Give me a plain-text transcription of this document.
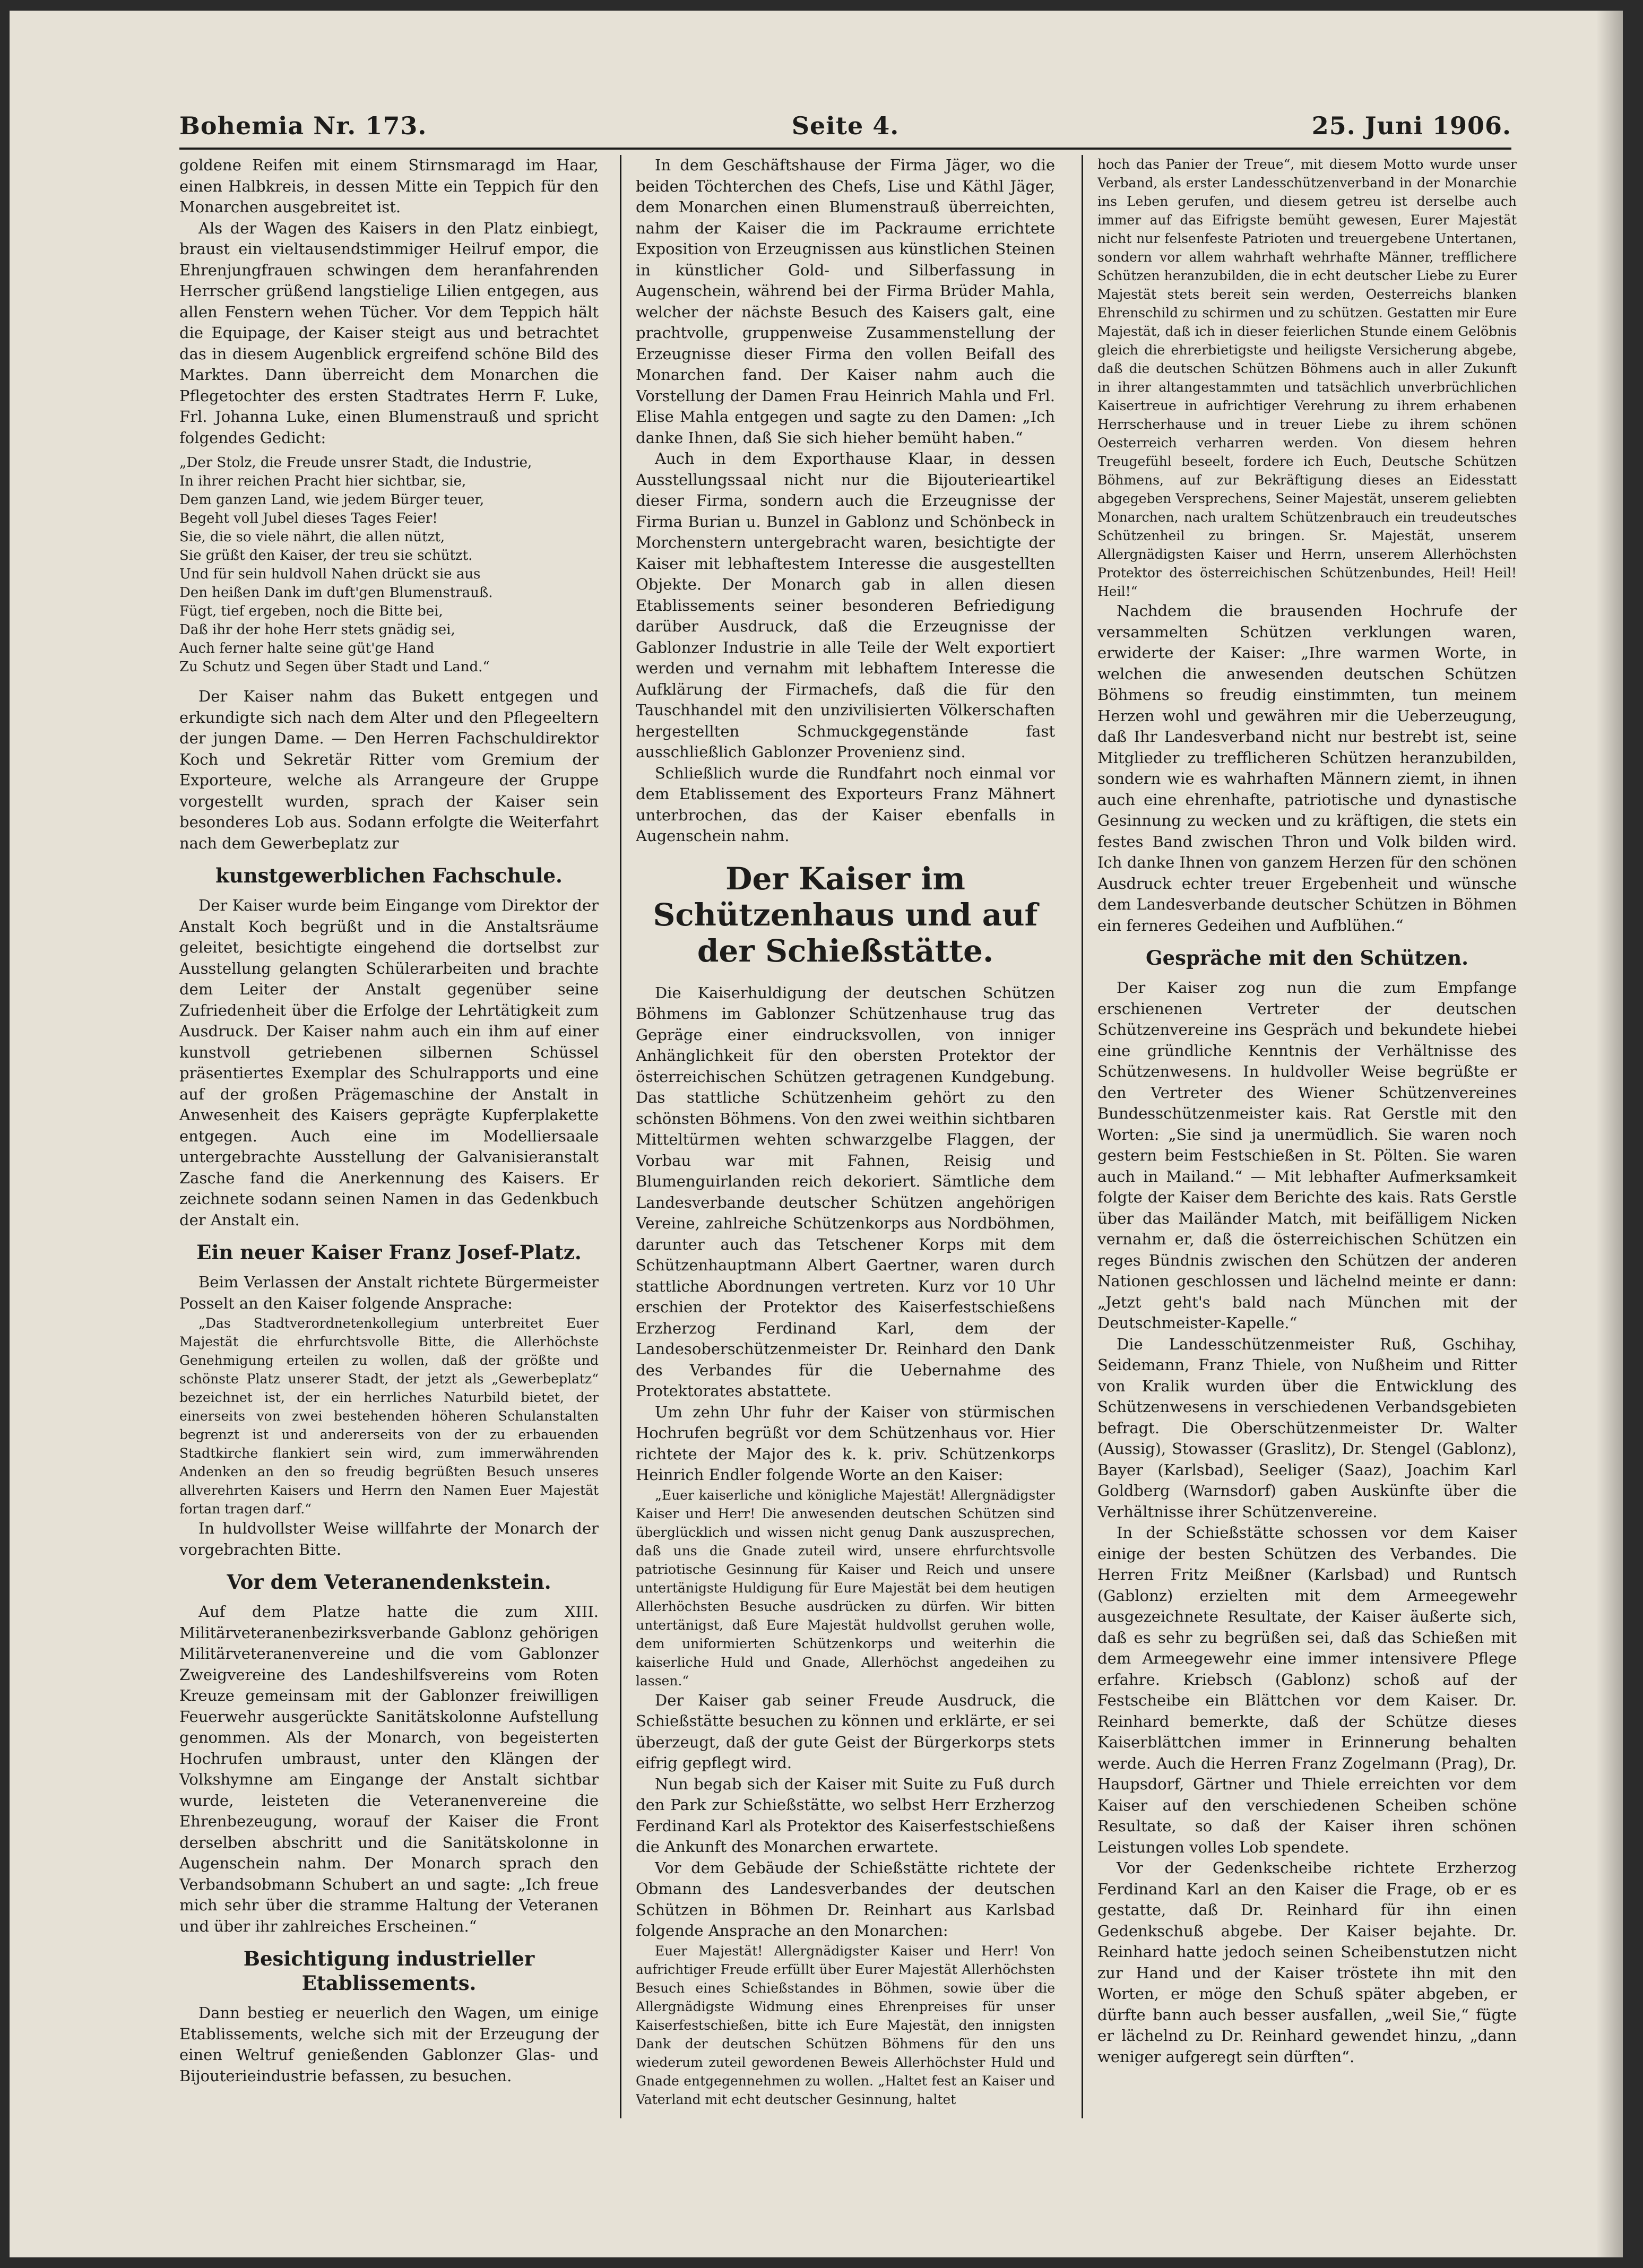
Bohemia Nr. 173.	Seite 4.	25. Juni 1906.

goldene Reifen mit einem Stirnsmaragd im Haar, einen Halbkreis, in dessen Mitte ein Teppich für den Monarchen ausgebreitet ist.

Als der Wagen des Kaisers in den Platz einbiegt, braust ein vieltausendstimmiger Heilruf empor, die Ehrenjungfrauen schwingen dem heranfahrenden Herrscher grüßend langstielige Lilien entgegen, aus allen Fenstern wehen Tücher. Vor dem Teppich hält die Equipage, der Kaiser steigt aus und betrachtet das in diesem Augenblick ergreifend schöne Bild des Marktes. Dann überreicht dem Monarchen die Pflegetochter des ersten Stadtrates Herrn F. Luke, Frl. Johanna Luke, einen Blumenstrauß und spricht folgendes Gedicht:

„Der Stolz, die Freude unsrer Stadt, die Industrie,
In ihrer reichen Pracht hier sichtbar, sie,
Dem ganzen Land, wie jedem Bürger teuer,
Begeht voll Jubel dieses Tages Feier!
Sie, die so viele nährt, die allen nützt,
Sie grüßt den Kaiser, der treu sie schützt.
Und für sein huldvoll Nahen drückt sie aus
Den heißen Dank im duft'gen Blumenstrauß.
Fügt, tief ergeben, noch die Bitte bei,
Daß ihr der hohe Herr stets gnädig sei,
Auch ferner halte seine güt'ge Hand
Zu Schutz und Segen über Stadt und Land.“

Der Kaiser nahm das Bukett entgegen und erkundigte sich nach dem Alter und den Pflegeeltern der jungen Dame. — Den Herren Fachschuldirektor Koch und Sekretär Ritter vom Gremium der Exporteure, welche als Arrangeure der Gruppe vorgestellt wurden, sprach der Kaiser sein besonderes Lob aus. Sodann erfolgte die Weiterfahrt nach dem Gewerbeplatz zur

kunstgewerblichen Fachschule.

Der Kaiser wurde beim Eingange vom Direktor der Anstalt Koch begrüßt und in die Anstaltsräume geleitet, besichtigte eingehend die dortselbst zur Ausstellung gelangten Schülerarbeiten und brachte dem Leiter der Anstalt gegenüber seine Zufriedenheit über die Erfolge der Lehrtätigkeit zum Ausdruck. Der Kaiser nahm auch ein ihm auf einer kunstvoll getriebenen silbernen Schüssel präsentiertes Exemplar des Schulrapports und eine auf der großen Prägemaschine der Anstalt in Anwesenheit des Kaisers geprägte Kupferplakette entgegen. Auch eine im Modelliersaale untergebrachte Ausstellung der Galvanisieranstalt Zasche fand die Anerkennung des Kaisers. Er zeichnete sodann seinen Namen in das Gedenkbuch der Anstalt ein.

Ein neuer Kaiser Franz Josef-Platz.

Beim Verlassen der Anstalt richtete Bürgermeister Posselt an den Kaiser folgende Ansprache:

„Das Stadtverordnetenkollegium unterbreitet Euer Majestät die ehrfurchtsvolle Bitte, die Allerhöchste Genehmigung erteilen zu wollen, daß der größte und schönste Platz unserer Stadt, der jetzt als „Gewerbeplatz“ bezeichnet ist, der ein herrliches Naturbild bietet, der einerseits von zwei bestehenden höheren Schulanstalten begrenzt ist und andererseits von der zu erbauenden Stadtkirche flankiert sein wird, zum immerwährenden Andenken an den so freudig begrüßten Besuch unseres allverehrten Kaisers und Herrn den Namen Euer Majestät fortan tragen darf.“

In huldvollster Weise willfahrte der Monarch der vorgebrachten Bitte.

Vor dem Veteranendenkstein.

Auf dem Platze hatte die zum XIII. Militärveteranenbezirksverbande Gablonz gehörigen Militärveteranenvereine und die vom Gablonzer Zweigvereine des Landeshilfsvereins vom Roten Kreuze gemeinsam mit der Gablonzer freiwilligen Feuerwehr ausgerückte Sanitätskolonne Aufstellung genommen. Als der Monarch, von begeisterten Hochrufen umbraust, unter den Klängen der Volkshymne am Eingange der Anstalt sichtbar wurde, leisteten die Veteranenvereine die Ehrenbezeugung, worauf der Kaiser die Front derselben abschritt und die Sanitätskolonne in Augenschein nahm. Der Monarch sprach den Verbandsobmann Schubert an und sagte: „Ich freue mich sehr über die stramme Haltung der Veteranen und über ihr zahlreiches Erscheinen.“

Besichtigung industrieller Etablissements.

Dann bestieg er neuerlich den Wagen, um einige Etablissements, welche sich mit der Erzeugung der einen Weltruf genießenden Gablonzer Glas- und Bijouterieindustrie befassen, zu besuchen.

In dem Geschäftshause der Firma Jäger, wo die beiden Töchterchen des Chefs, Lise und Käthl Jäger, dem Monarchen einen Blumenstrauß überreichten, nahm der Kaiser die im Packraume errichtete Exposition von Erzeugnissen aus künstlichen Steinen in künstlicher Gold- und Silberfassung in Augenschein, während bei der Firma Brüder Mahla, welcher der nächste Besuch des Kaisers galt, eine prachtvolle, gruppenweise Zusammenstellung der Erzeugnisse dieser Firma den vollen Beifall des Monarchen fand. Der Kaiser nahm auch die Vorstellung der Damen Frau Heinrich Mahla und Frl. Elise Mahla entgegen und sagte zu den Damen: „Ich danke Ihnen, daß Sie sich hieher bemüht haben.“

Auch in dem Exporthause Klaar, in dessen Ausstellungssaal nicht nur die Bijouterieartikel dieser Firma, sondern auch die Erzeugnisse der Firma Burian u. Bunzel in Gablonz und Schönbeck in Morchenstern untergebracht waren, besichtigte der Kaiser mit lebhaftestem Interesse die ausgestellten Objekte. Der Monarch gab in allen diesen Etablissements seiner besonderen Befriedigung darüber Ausdruck, daß die Erzeugnisse der Gablonzer Industrie in alle Teile der Welt exportiert werden und vernahm mit lebhaftem Interesse die Aufklärung der Firmachefs, daß die für den Tauschhandel mit den unzivilisierten Völkerschaften hergestellten Schmuckgegenstände fast ausschließlich Gablonzer Provenienz sind.

Schließlich wurde die Rundfahrt noch einmal vor dem Etablissement des Exporteurs Franz Mähnert unterbrochen, das der Kaiser ebenfalls in Augenschein nahm.

Der Kaiser im Schützenhaus und auf der Schießstätte.

Die Kaiserhuldigung der deutschen Schützen Böhmens im Gablonzer Schützenhause trug das Gepräge einer eindrucksvollen, von inniger Anhänglichkeit für den obersten Protektor der österreichischen Schützen getragenen Kundgebung. Das stattliche Schützenheim gehört zu den schönsten Böhmens. Von den zwei weithin sichtbaren Mitteltürmen wehten schwarzgelbe Flaggen, der Vorbau war mit Fahnen, Reisig und Blumenguirlanden reich dekoriert. Sämtliche dem Landesverbande deutscher Schützen angehörigen Vereine, zahlreiche Schützenkorps aus Nordböhmen, darunter auch das Tetschener Korps mit dem Schützenhauptmann Albert Gaertner, waren durch stattliche Abordnungen vertreten. Kurz vor 10 Uhr erschien der Protektor des Kaiserfestschießens Erzherzog Ferdinand Karl, dem der Landesoberschützenmeister Dr. Reinhard den Dank des Verbandes für die Uebernahme des Protektorates abstattete.

Um zehn Uhr fuhr der Kaiser von stürmischen Hochrufen begrüßt vor dem Schützenhaus vor. Hier richtete der Major des k. k. priv. Schützenkorps Heinrich Endler folgende Worte an den Kaiser:

„Euer kaiserliche und königliche Majestät! Allergnädigster Kaiser und Herr! Die anwesenden deutschen Schützen sind überglücklich und wissen nicht genug Dank auszusprechen, daß uns die Gnade zuteil wird, unsere ehrfurchtsvolle patriotische Gesinnung für Kaiser und Reich und unsere untertänigste Huldigung für Eure Majestät bei dem heutigen Allerhöchsten Besuche ausdrücken zu dürfen. Wir bitten untertänigst, daß Eure Majestät huldvollst geruhen wolle, dem uniformierten Schützenkorps und weiterhin die kaiserliche Huld und Gnade, Allerhöchst angedeihen zu lassen.“

Der Kaiser gab seiner Freude Ausdruck, die Schießstätte besuchen zu können und erklärte, er sei überzeugt, daß der gute Geist der Bürgerkorps stets eifrig gepflegt wird.

Nun begab sich der Kaiser mit Suite zu Fuß durch den Park zur Schießstätte, wo selbst Herr Erzherzog Ferdinand Karl als Protektor des Kaiserfestschießens die Ankunft des Monarchen erwartete.

Vor dem Gebäude der Schießstätte richtete der Obmann des Landesverbandes der deutschen Schützen in Böhmen Dr. Reinhart aus Karlsbad folgende Ansprache an den Monarchen:

Euer Majestät! Allergnädigster Kaiser und Herr! Von aufrichtiger Freude erfüllt über Eurer Majestät Allerhöchsten Besuch eines Schießstandes in Böhmen, sowie über die Allergnädigste Widmung eines Ehrenpreises für unser Kaiserfestschießen, bitte ich Eure Majestät, den innigsten Dank der deutschen Schützen Böhmens für den uns wiederum zuteil gewordenen Beweis Allerhöchster Huld und Gnade entgegennehmen zu wollen. „Haltet fest an Kaiser und Vaterland mit echt deutscher Gesinnung, haltet

hoch das Panier der Treue“, mit diesem Motto wurde unser Verband, als erster Landesschützenverband in der Monarchie ins Leben gerufen, und diesem getreu ist derselbe auch immer auf das Eifrigste bemüht gewesen, Eurer Majestät nicht nur felsenfeste Patrioten und treuergebene Untertanen, sondern vor allem wahrhaft wehrhafte Männer, trefflichere Schützen heranzubilden, die in echt deutscher Liebe zu Eurer Majestät stets bereit sein werden, Oesterreichs blanken Ehrenschild zu schirmen und zu schützen. Gestatten mir Eure Majestät, daß ich in dieser feierlichen Stunde einem Gelöbnis gleich die ehrerbietigste und heiligste Versicherung abgebe, daß die deutschen Schützen Böhmens auch in aller Zukunft in ihrer altangestammten und tatsächlich unverbrüchlichen Kaisertreue in aufrichtiger Verehrung zu ihrem erhabenen Herrscherhause und in treuer Liebe zu ihrem schönen Oesterreich verharren werden. Von diesem hehren Treugefühl beseelt, fordere ich Euch, Deutsche Schützen Böhmens, auf zur Bekräftigung dieses an Eidesstatt abgegeben Versprechens, Seiner Majestät, unserem geliebten Monarchen, nach uraltem Schützenbrauch ein treudeutsches Schützenheil zu bringen. Sr. Majestät, unserem Allergnädigsten Kaiser und Herrn, unserem Allerhöchsten Protektor des österreichischen Schützenbundes, Heil! Heil! Heil!“

Nachdem die brausenden Hochrufe der versammelten Schützen verklungen waren, erwiderte der Kaiser: „Ihre warmen Worte, in welchen die anwesenden deutschen Schützen Böhmens so freudig einstimmten, tun meinem Herzen wohl und gewähren mir die Ueberzeugung, daß Ihr Landesverband nicht nur bestrebt ist, seine Mitglieder zu trefflicheren Schützen heranzubilden, sondern wie es wahrhaften Männern ziemt, in ihnen auch eine ehrenhafte, patriotische und dynastische Gesinnung zu wecken und zu kräftigen, die stets ein festes Band zwischen Thron und Volk bilden wird. Ich danke Ihnen von ganzem Herzen für den schönen Ausdruck echter treuer Ergebenheit und wünsche dem Landesverbande deutscher Schützen in Böhmen ein ferneres Gedeihen und Aufblühen.“

Gespräche mit den Schützen.

Der Kaiser zog nun die zum Empfange erschienenen Vertreter der deutschen Schützenvereine ins Gespräch und bekundete hiebei eine gründliche Kenntnis der Verhältnisse des Schützenwesens. In huldvoller Weise begrüßte er den Vertreter des Wiener Schützenvereines Bundesschützenmeister kais. Rat Gerstle mit den Worten: „Sie sind ja unermüdlich. Sie waren noch gestern beim Festschießen in St. Pölten. Sie waren auch in Mailand.“ — Mit lebhafter Aufmerksamkeit folgte der Kaiser dem Berichte des kais. Rats Gerstle über das Mailänder Match, mit beifälligem Nicken vernahm er, daß die österreichischen Schützen ein reges Bündnis zwischen den Schützen der anderen Nationen geschlossen und lächelnd meinte er dann: „Jetzt geht's bald nach München mit der Deutschmeister-Kapelle.“

Die Landesschützenmeister Ruß, Gschihay, Seidemann, Franz Thiele, von Nußheim und Ritter von Kralik wurden über die Entwicklung des Schützenwesens in verschiedenen Verbandsgebieten befragt. Die Oberschützenmeister Dr. Walter (Aussig), Stowasser (Graslitz), Dr. Stengel (Gablonz), Bayer (Karlsbad), Seeliger (Saaz), Joachim Karl Goldberg (Warnsdorf) gaben Auskünfte über die Verhältnisse ihrer Schützenvereine.

In der Schießstätte schossen vor dem Kaiser einige der besten Schützen des Verbandes. Die Herren Fritz Meißner (Karlsbad) und Runtsch (Gablonz) erzielten mit dem Armeegewehr ausgezeichnete Resultate, der Kaiser äußerte sich, daß es sehr zu begrüßen sei, daß das Schießen mit dem Armeegewehr eine immer intensivere Pflege erfahre. Kriebsch (Gablonz) schoß auf der Festscheibe ein Blättchen vor dem Kaiser. Dr. Reinhard bemerkte, daß der Schütze dieses Kaiserblättchen immer in Erinnerung behalten werde. Auch die Herren Franz Zogelmann (Prag), Dr. Haupsdorf, Gärtner und Thiele erreichten vor dem Kaiser auf den verschiedenen Scheiben schöne Resultate, so daß der Kaiser ihren schönen Leistungen volles Lob spendete.

Vor der Gedenkscheibe richtete Erzherzog Ferdinand Karl an den Kaiser die Frage, ob er es gestatte, daß Dr. Reinhard für ihn einen Gedenkschuß abgebe. Der Kaiser bejahte. Dr. Reinhard hatte jedoch seinen Scheibenstutzen nicht zur Hand und der Kaiser tröstete ihn mit den Worten, er möge den Schuß später abgeben, er dürfte bann auch besser ausfallen, „weil Sie,“ fügte er lächelnd zu Dr. Reinhard gewendet hinzu, „dann weniger aufgeregt sein dürften“.
